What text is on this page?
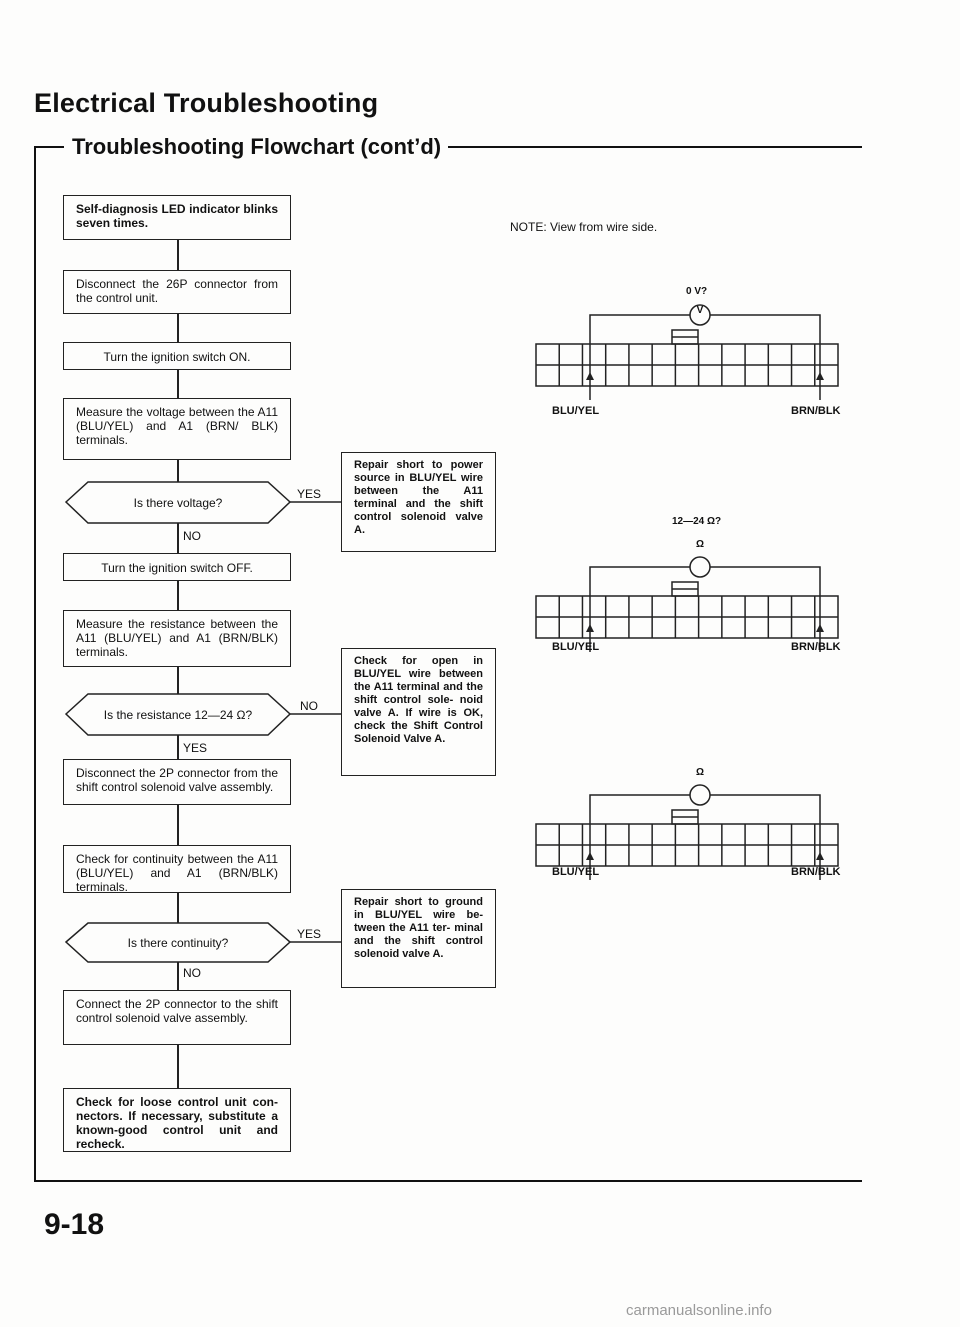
Electrical Troubleshooting
Troubleshooting Flowchart (cont’d)
Self-diagnosis LED indicator blinks seven times.
Disconnect the 26P connector from the control unit.
Turn the ignition switch ON.
Measure the voltage between the A11 (BLU/YEL) and A1 (BRN/ BLK) terminals.
Turn the ignition switch OFF.
Measure the resistance between the A11 (BLU/YEL) and A1 (BRN/BLK) terminals.
Disconnect the 2P connector from the shift control solenoid valve assembly.
Check for continuity between the A11 (BLU/YEL) and A1 (BRN/BLK) terminals.
Connect the 2P connector to the shift control solenoid valve assembly.
Check for loose control unit con- nectors. If necessary, substitute a known-good control unit and recheck.
Is there voltage?
Is the resistance 12—24 Ω?
Is there continuity?
YES
NO
NO
YES
YES
NO
Repair short to power source in BLU/YEL wire between the A11 terminal and the shift control solenoid valve A.
Check for open in BLU/YEL wire between the A11 terminal and the shift control sole- noid valve A. If wire is OK, check the Shift Control Solenoid Valve A.
Repair short to ground in BLU/YEL wire be- tween the A11 ter- minal and the shift control solenoid valve A.
NOTE: View from wire side.
0 V?
12—24 Ω?
V
Ω
Ω
BLU/YEL	BRN/BLK
BLU/YEL	BRN/BLK
BLU/YEL	BRN/BLK
9-18
carmanualsonline.info
